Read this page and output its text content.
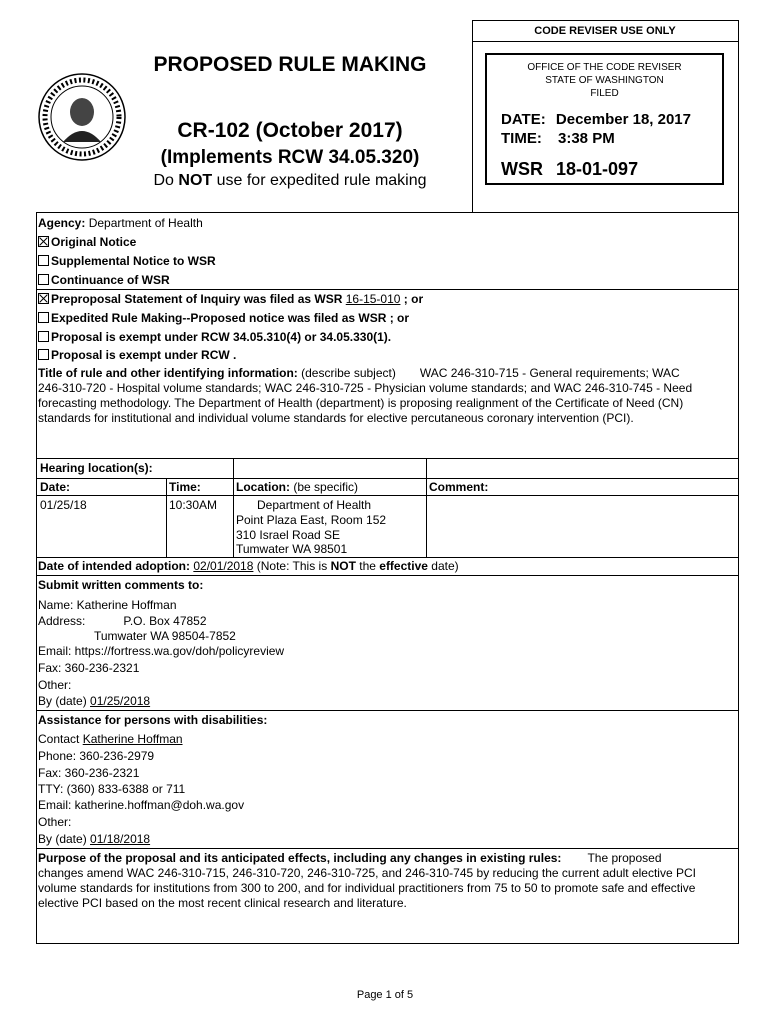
CODE REVISER USE ONLY
OFFICE OF THE CODE REVISER
STATE OF WASHINGTON
FILED
DATE: December 18, 2017
TIME: 3:38 PM
WSR 18-01-097
PROPOSED RULE MAKING
CR-102 (October 2017)
(Implements RCW 34.05.320)
Do NOT use for expedited rule making
Agency: Department of Health
Original Notice
Supplemental Notice to WSR
Continuance of WSR
Preproposal Statement of Inquiry was filed as WSR 16-15-010 ; or
Expedited Rule Making--Proposed notice was filed as WSR ; or
Proposal is exempt under RCW 34.05.310(4) or 34.05.330(1).
Proposal is exempt under RCW .
Title of rule and other identifying information: (describe subject) WAC 246-310-715 - General requirements; WAC
246-310-720 - Hospital volume standards; WAC 246-310-725 - Physician volume standards; and WAC 246-310-745 - Need
forecasting methodology. The Department of Health (department) is proposing realignment of the Certificate of Need (CN)
standards for institutional and individual volume standards for elective percutaneous coronary intervention (PCI).
Hearing location(s):
Date:	Time:	Location: (be specific)	Comment:
01/25/18	10:30AM	Department of Health
Point Plaza East, Room 152
310 Israel Road SE
Tumwater WA 98501
Date of intended adoption: 02/01/2018 (Note: This is NOT the effective date)
Submit written comments to:
Name: Katherine Hoffman
Address:	P.O. Box 47852
Tumwater WA 98504-7852
Email: https://fortress.wa.gov/doh/policyreview
Fax: 360-236-2321
Other:
By (date) 01/25/2018
Assistance for persons with disabilities:
Contact Katherine Hoffman
Phone: 360-236-2979
Fax: 360-236-2321
TTY: (360) 833-6388 or 711
Email: katherine.hoffman@doh.wa.gov
Other:
By (date) 01/18/2018
Purpose of the proposal and its anticipated effects, including any changes in existing rules: The proposed
changes amend WAC 246-310-715, 246-310-720, 246-310-725, and 246-310-745 by reducing the current adult elective PCI
volume standards for institutions from 300 to 200, and for individual practitioners from 75 to 50 to promote safe and effective
elective PCI based on the most recent clinical research and literature.
Page 1 of 5
